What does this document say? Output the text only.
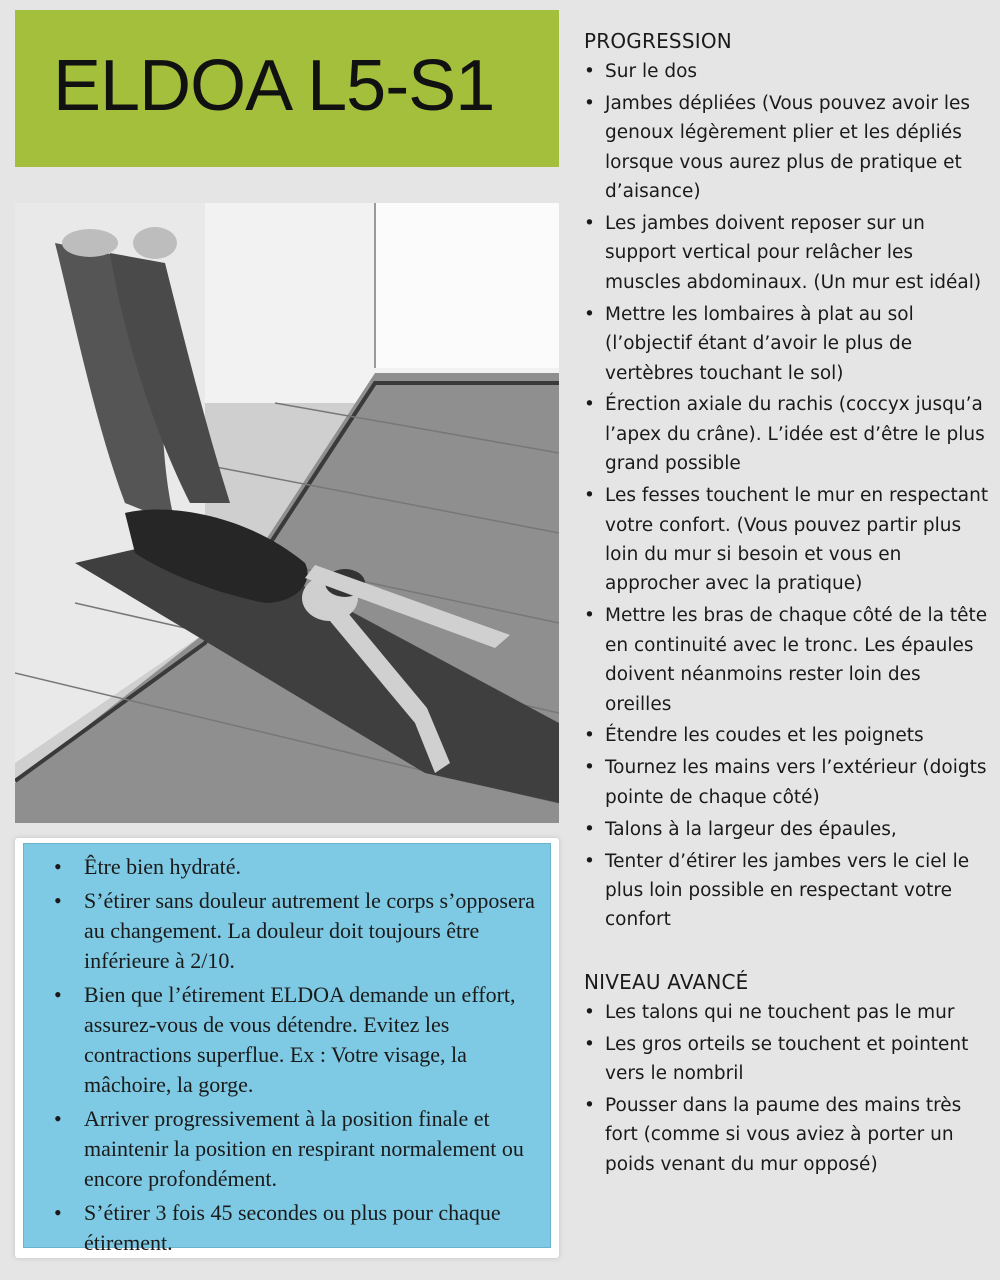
ELDOA L5-S1
• Être bien hydraté.
• S’étirer sans douleur autrement le corps s’opposera au changement. La douleur doit toujours être inférieure à 2/10.
• Bien que l’étirement ELDOA demande un effort, assurez-vous de vous détendre. Evitez les contractions superflue. Ex : Votre visage, la mâchoire, la gorge.
• Arriver progressivement à la position finale et maintenir la position en respirant normalement ou encore profondément.
• S’étirer 3 fois 45 secondes ou plus pour chaque étirement.
PROGRESSION
• Sur le dos
• Jambes dépliées (Vous pouvez avoir les genoux légèrement plier et les dépliés lorsque vous aurez plus de pratique et d’aisance)
• Les jambes doivent reposer sur un support vertical pour relâcher les muscles abdominaux. (Un mur est idéal)
• Mettre les lombaires à plat au sol (l’objectif étant d’avoir le plus de vertèbres touchant le sol)
• Érection axiale du rachis (coccyx jusqu’a l’apex du crâne). L’idée est d’être le plus grand possible
• Les fesses touchent le mur en respectant votre confort. (Vous pouvez partir plus loin du mur si besoin et vous en approcher avec la pratique)
• Mettre les bras de chaque côté de la tête en continuité avec le tronc. Les épaules doivent néanmoins rester loin des oreilles
• Étendre les coudes et les poignets
• Tournez les mains vers l’extérieur (doigts pointe de chaque côté)
• Talons à la largeur des épaules,
• Tenter d’étirer les jambes vers le ciel le plus loin possible en respectant votre confort
NIVEAU AVANCÉ
• Les talons qui ne touchent pas le mur
• Les gros orteils se touchent et pointent vers le nombril
• Pousser dans la paume des mains très fort (comme si vous aviez à porter un poids venant du mur opposé)
